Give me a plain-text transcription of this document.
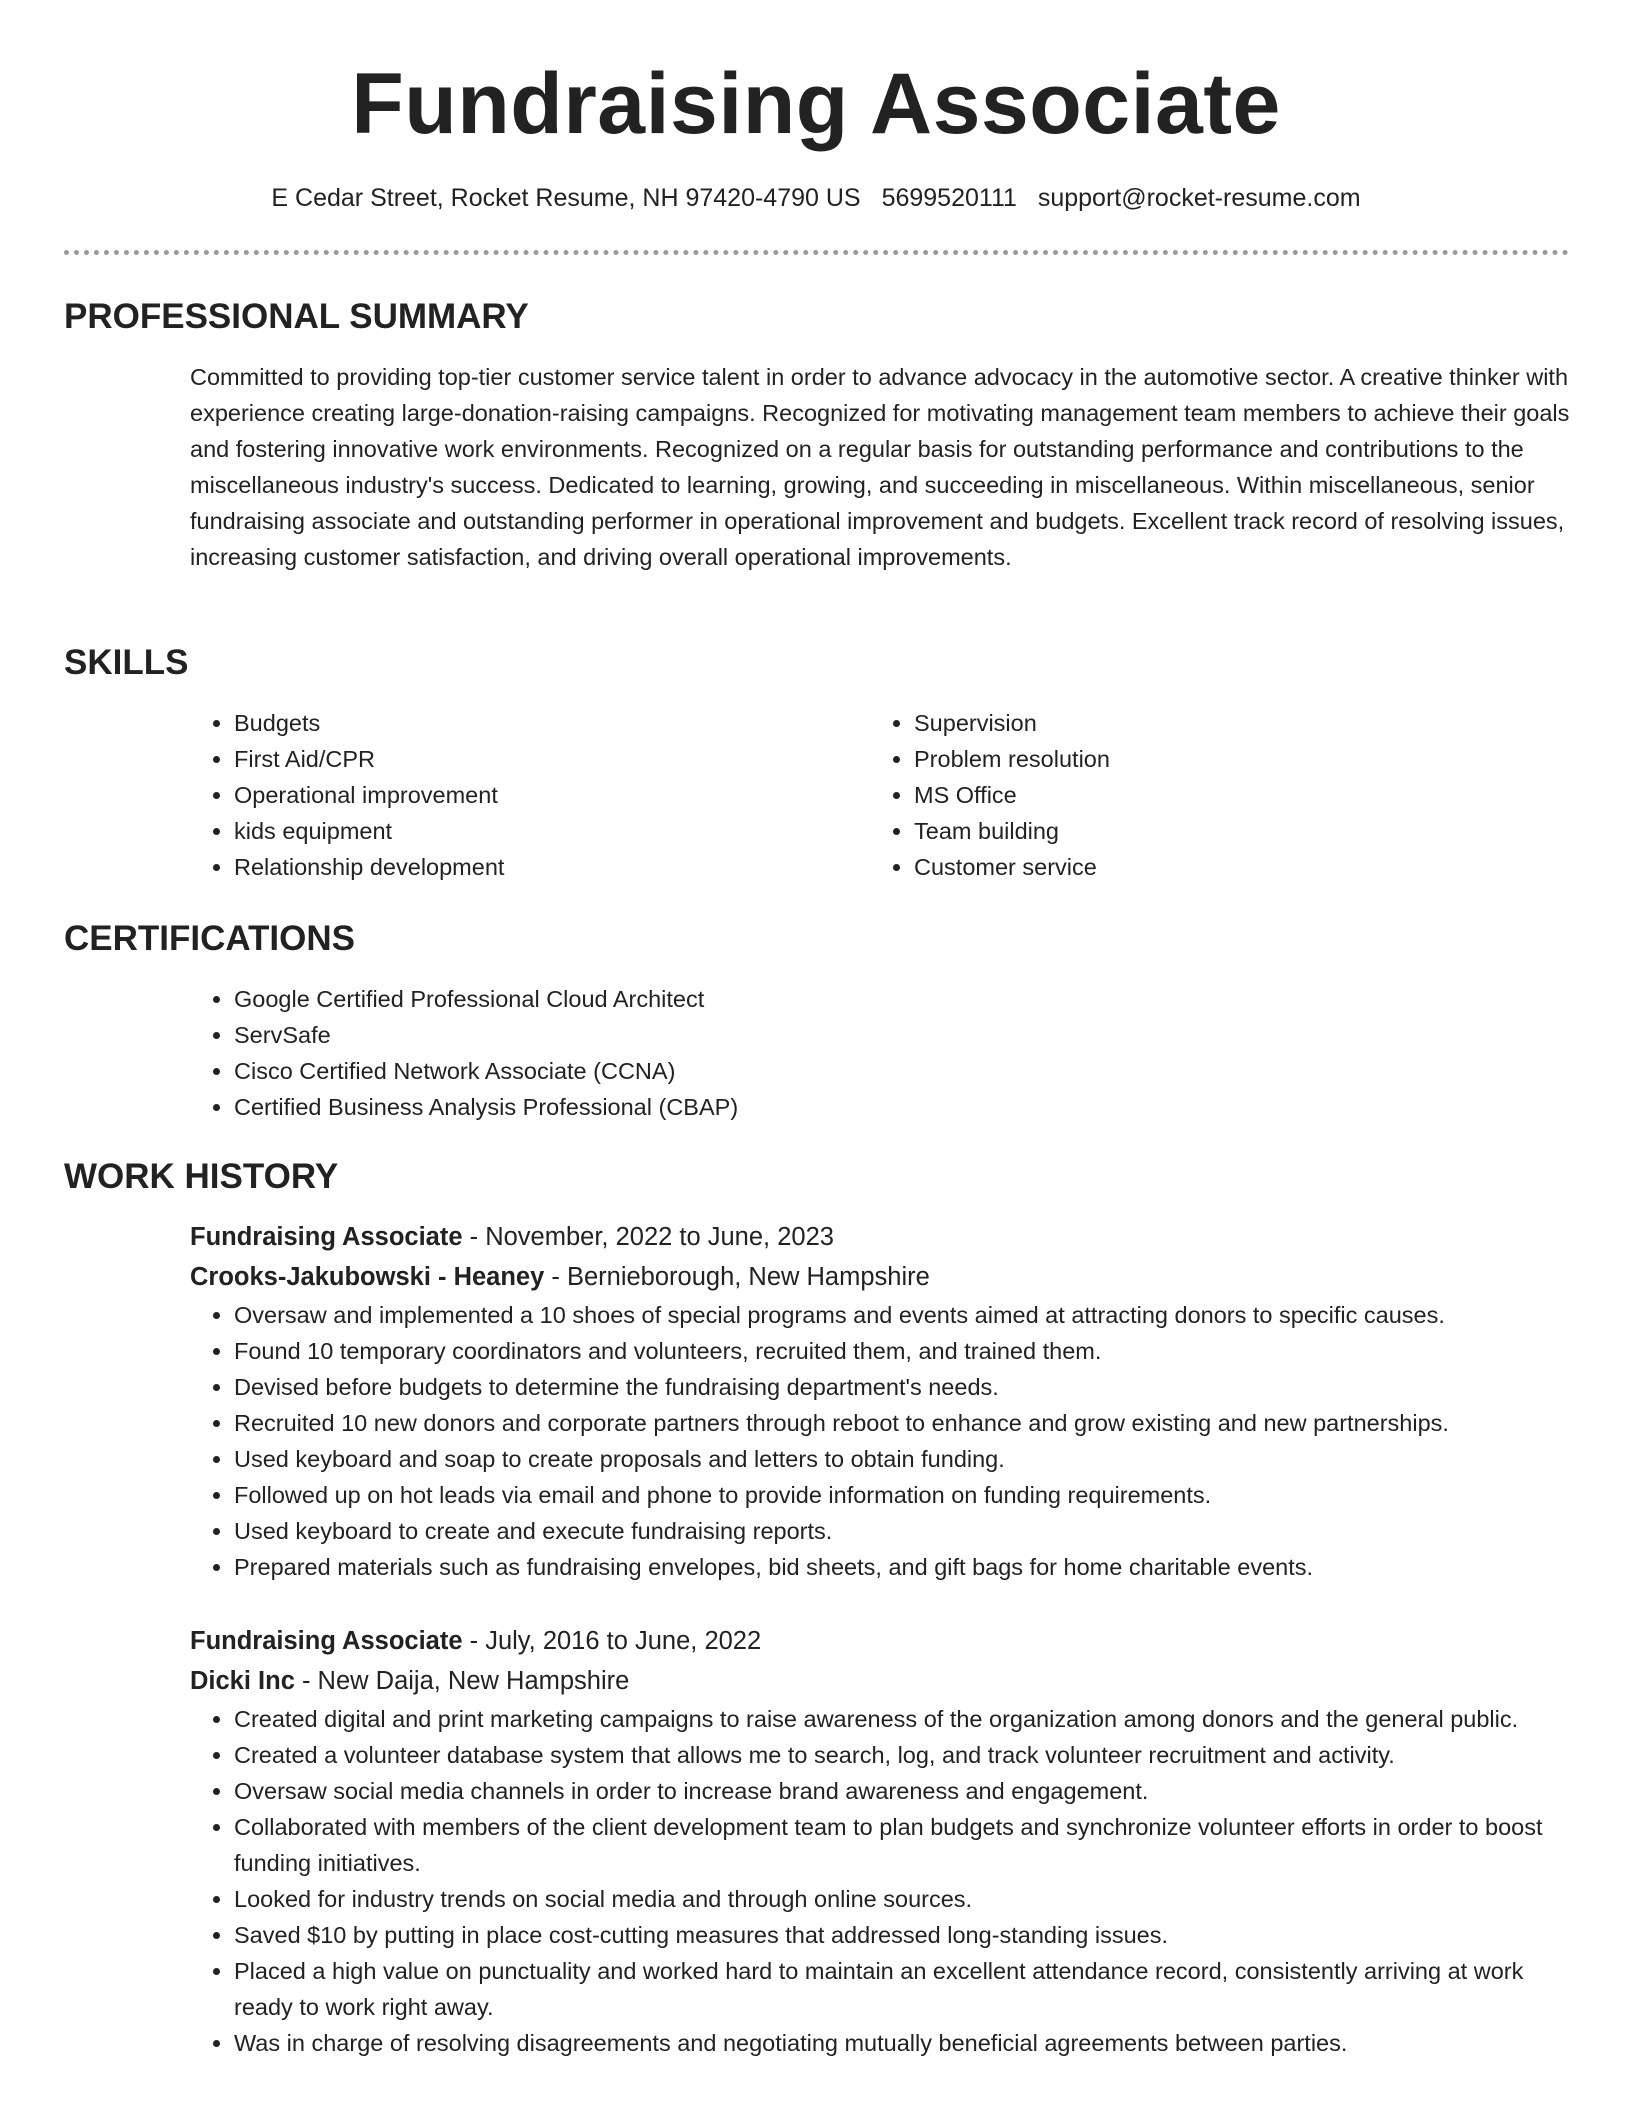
Fundraising Associate
E Cedar Street, Rocket Resume, NH 97420-4790 US 5699520111 support@rocket-resume.com
PROFESSIONAL SUMMARY
Committed to providing top-tier customer service talent in order to advance advocacy in the automotive sector. A creative thinker with experience creating large-donation-raising campaigns. Recognized for motivating management team members to achieve their goals and fostering innovative work environments. Recognized on a regular basis for outstanding performance and contributions to the miscellaneous industry's success. Dedicated to learning, growing, and succeeding in miscellaneous. Within miscellaneous, senior fundraising associate and outstanding performer in operational improvement and budgets. Excellent track record of resolving issues, increasing customer satisfaction, and driving overall operational improvements.
SKILLS
• Budgets
• First Aid/CPR
• Operational improvement
• kids equipment
• Relationship development
• Supervision
• Problem resolution
• MS Office
• Team building
• Customer service
CERTIFICATIONS
• Google Certified Professional Cloud Architect
• ServSafe
• Cisco Certified Network Associate (CCNA)
• Certified Business Analysis Professional (CBAP)
WORK HISTORY
Fundraising Associate - November, 2022 to June, 2023
Crooks-Jakubowski - Heaney - Bernieborough, New Hampshire
• Oversaw and implemented a 10 shoes of special programs and events aimed at attracting donors to specific causes.
• Found 10 temporary coordinators and volunteers, recruited them, and trained them.
• Devised before budgets to determine the fundraising department's needs.
• Recruited 10 new donors and corporate partners through reboot to enhance and grow existing and new partnerships.
• Used keyboard and soap to create proposals and letters to obtain funding.
• Followed up on hot leads via email and phone to provide information on funding requirements.
• Used keyboard to create and execute fundraising reports.
• Prepared materials such as fundraising envelopes, bid sheets, and gift bags for home charitable events.
Fundraising Associate - July, 2016 to June, 2022
Dicki Inc - New Daija, New Hampshire
• Created digital and print marketing campaigns to raise awareness of the organization among donors and the general public.
• Created a volunteer database system that allows me to search, log, and track volunteer recruitment and activity.
• Oversaw social media channels in order to increase brand awareness and engagement.
• Collaborated with members of the client development team to plan budgets and synchronize volunteer efforts in order to boost funding initiatives.
• Looked for industry trends on social media and through online sources.
• Saved $10 by putting in place cost-cutting measures that addressed long-standing issues.
• Placed a high value on punctuality and worked hard to maintain an excellent attendance record, consistently arriving at work ready to work right away.
• Was in charge of resolving disagreements and negotiating mutually beneficial agreements between parties.
